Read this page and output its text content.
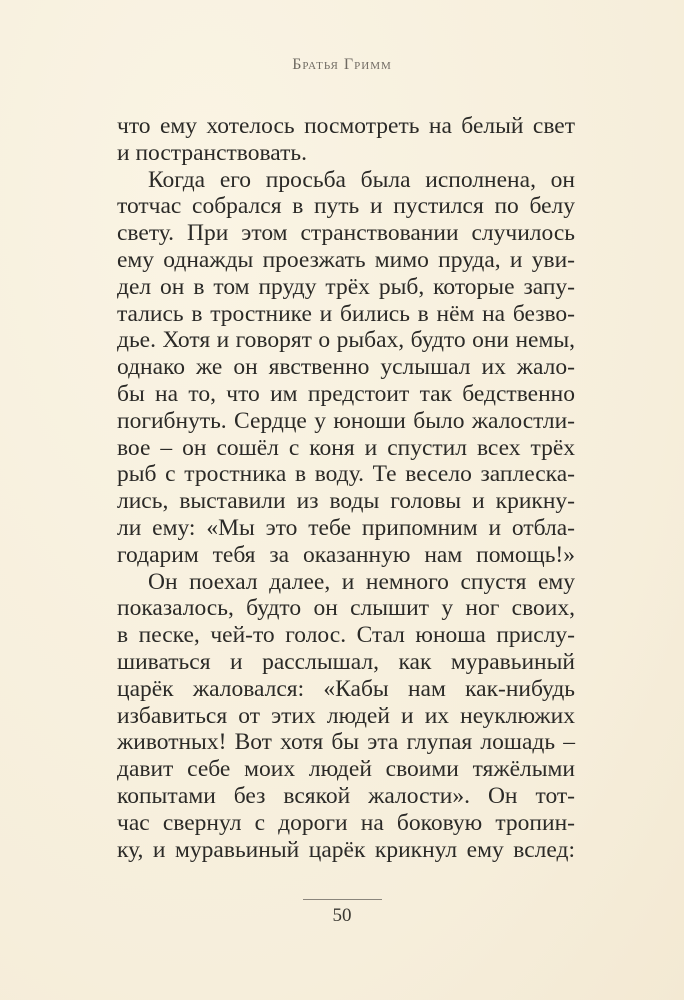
Братья Гримм
что ему хотелось посмотреть на белый свет
и постранствовать.
Когда его просьба была исполнена, он
тотчас собрался в путь и пустился по белу
свету. При этом странствовании случилось
ему однажды проезжать мимо пруда, и уви-
дел он в том пруду трёх рыб, которые запу-
тались в тростнике и бились в нём на безво-
дье. Хотя и говорят о рыбах, будто они немы,
однако же он явственно услышал их жало-
бы на то, что им предстоит так бедственно
погибнуть. Сердце у юноши было жалостли-
вое – он сошёл с коня и спустил всех трёх
рыб с тростника в воду. Те весело заплеска-
лись, выставили из воды головы и крикну-
ли ему: «Мы это тебе припомним и отбла-
годарим тебя за оказанную нам помощь!»
Он поехал далее, и немного спустя ему
показалось, будто он слышит у ног своих,
в песке, чей-то голос. Стал юноша прислу-
шиваться и расслышал, как муравьиный
царёк жаловался: «Кабы нам как-нибудь
избавиться от этих людей и их неуклюжих
животных! Вот хотя бы эта глупая лошадь –
давит себе моих людей своими тяжёлыми
копытами без всякой жалости». Он тот-
час свернул с дороги на боковую тропин-
ку, и муравьиный царёк крикнул ему вслед:
50
